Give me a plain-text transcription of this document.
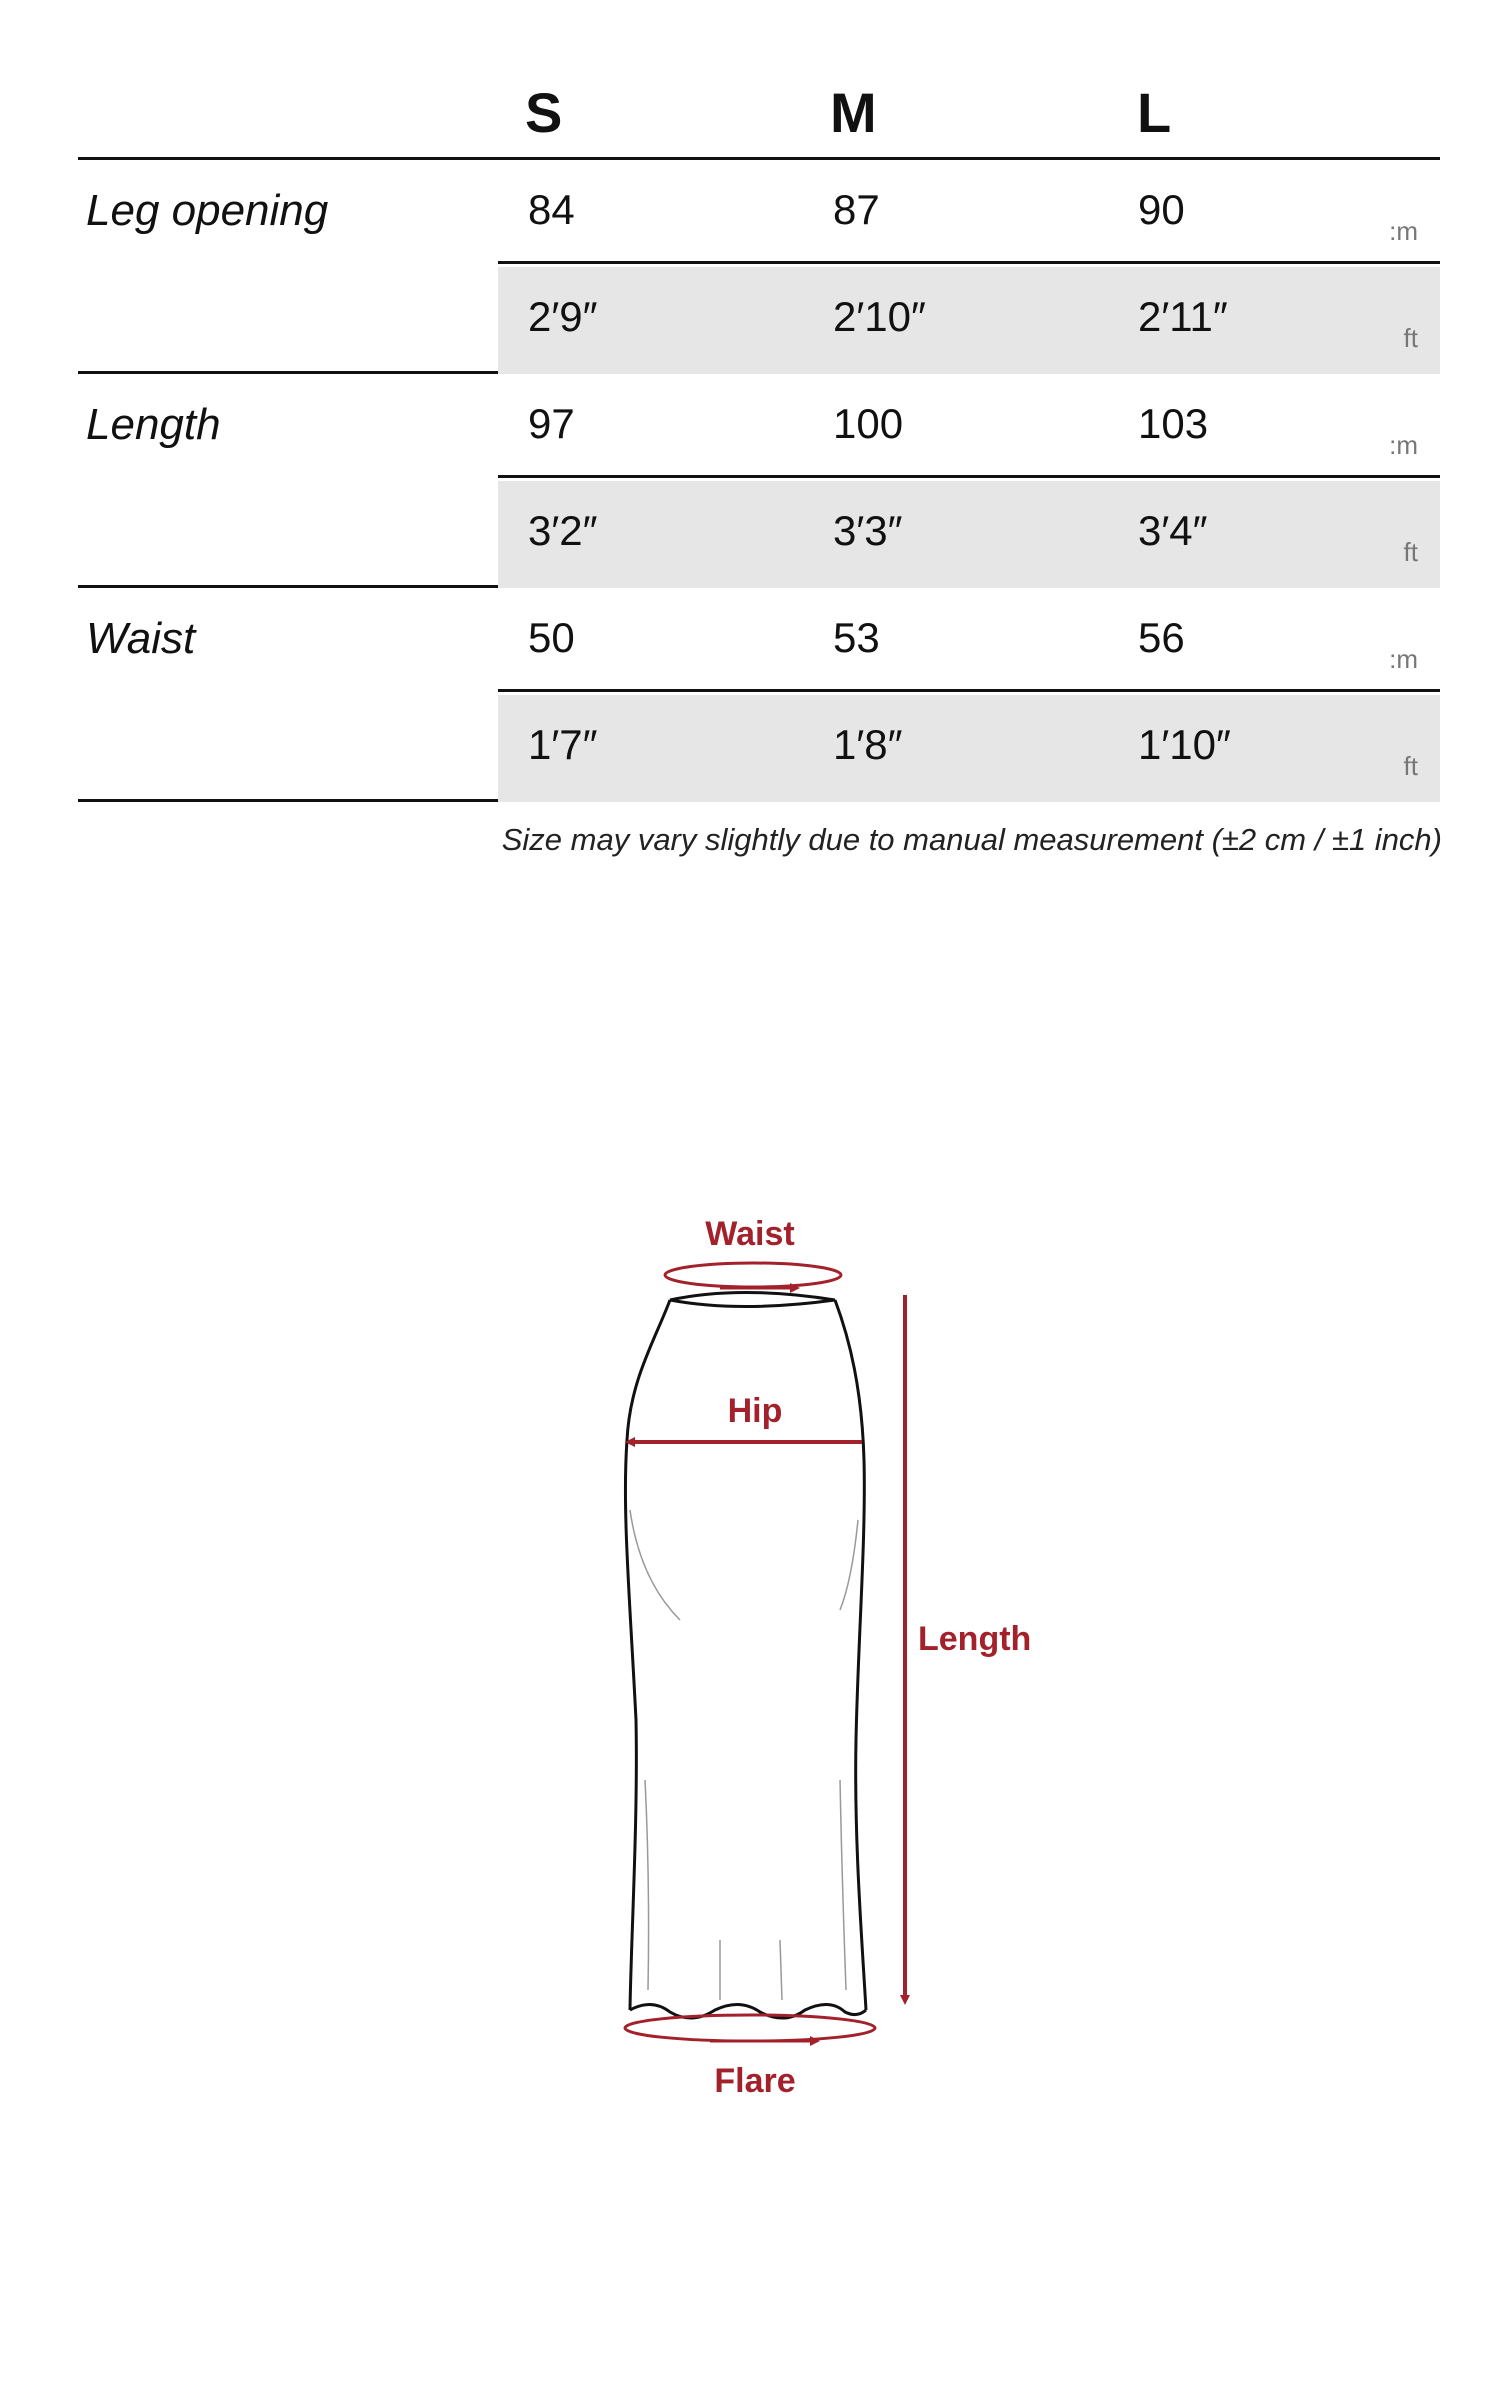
S	M	L
Leg opening	84	87	90	:m
2′9″	2′10″	2′11″	ft
Length	97	100	103	:m
3′2″	3′3″	3′4″	ft
Waist	50	53	56	:m
1′7″	1′8″	1′10″	ft
Size may vary slightly due to manual measurement (±2 cm / ±1 inch)
Waist
Hip
Length
Flare
